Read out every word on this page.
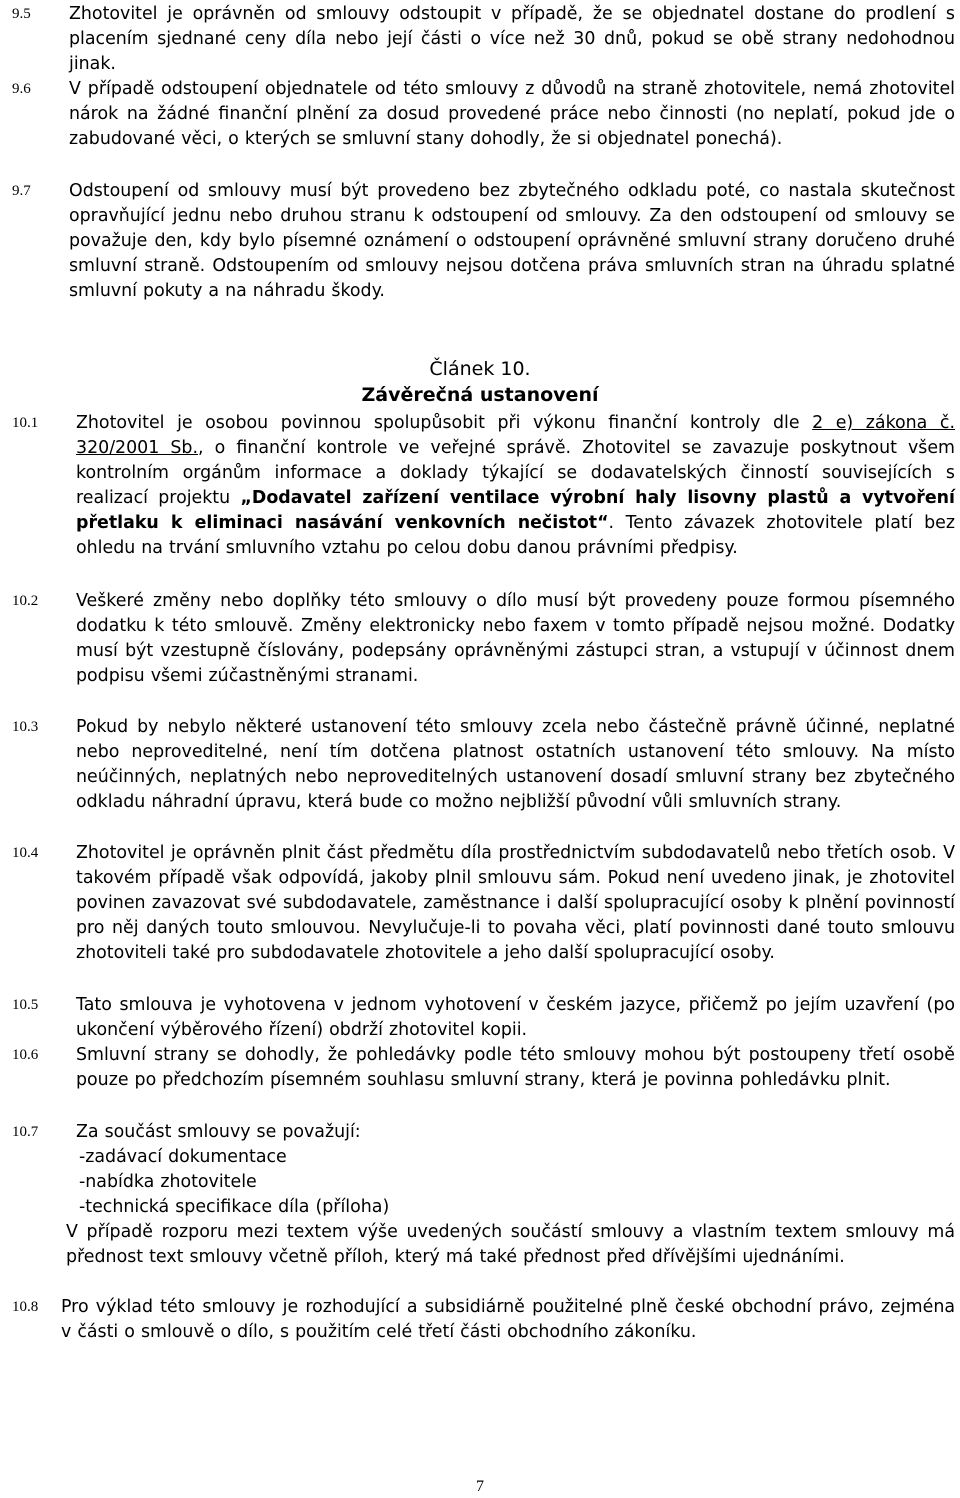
9.5 Zhotovitel je oprávněn od smlouvy odstoupit v případě, že se objednatel dostane do prodlení s placením sjednané ceny díla nebo její části o více než 30 dnů, pokud se obě strany nedohodnou jinak.
9.6 V případě odstoupení objednatele od této smlouvy z důvodů na straně zhotovitele, nemá zhotovitel nárok na žádné finanční plnění za dosud provedené práce nebo činnosti (no neplatí, pokud jde o zabudované věci, o kterých se smluvní stany dohodly, že si objednatel ponechá).
9.7 Odstoupení od smlouvy musí být provedeno bez zbytečného odkladu poté, co nastala skutečnost opravňující jednu nebo druhou stranu k odstoupení od smlouvy. Za den odstoupení od smlouvy se považuje den, kdy bylo písemné oznámení o odstoupení oprávněné smluvní strany doručeno druhé smluvní straně. Odstoupením od smlouvy nejsou dotčena práva smluvních stran na úhradu splatné smluvní pokuty a na náhradu škody.
Článek 10.
Závěrečná ustanovení
10.1 Zhotovitel je osobou povinnou spolupůsobit při výkonu finanční kontroly dle 2 e) zákona č. 320/2001 Sb., o finanční kontrole ve veřejné správě. Zhotovitel se zavazuje poskytnout všem kontrolním orgánům informace a doklady týkající se dodavatelských činností souvisejících s realizací projektu „Dodavatel zařízení ventilace výrobní haly lisovny plastů a vytvoření přetlaku k eliminaci nasávání venkovních nečistot“. Tento závazek zhotovitele platí bez ohledu na trvání smluvního vztahu po celou dobu danou právními předpisy.
10.2 Veškeré změny nebo doplňky této smlouvy o dílo musí být provedeny pouze formou písemného dodatku k této smlouvě. Změny elektronicky nebo faxem v tomto případě nejsou možné. Dodatky musí být vzestupně číslovány, podepsány oprávněnými zástupci stran, a vstupují v účinnost dnem podpisu všemi zúčastněnými stranami.
10.3 Pokud by nebylo některé ustanovení této smlouvy zcela nebo částečně právně účinné, neplatné nebo neproveditelné, není tím dotčena platnost ostatních ustanovení této smlouvy. Na místo neúčinných, neplatných nebo neproveditelných ustanovení dosadí smluvní strany bez zbytečného odkladu náhradní úpravu, která bude co možno nejbližší původní vůli smluvních strany.
10.4 Zhotovitel je oprávněn plnit část předmětu díla prostřednictvím subdodavatelů nebo třetích osob. V takovém případě však odpovídá, jakoby plnil smlouvu sám. Pokud není uvedeno jinak, je zhotovitel povinen zavazovat své subdodavatele, zaměstnance i další spolupracující osoby k plnění povinností pro něj daných touto smlouvou. Nevylučuje-li to povaha věci, platí povinnosti dané touto smlouvu zhotoviteli také pro subdodavatele zhotovitele a jeho další spolupracující osoby.
10.5 Tato smlouva je vyhotovena v jednom vyhotovení v českém jazyce, přičemž po jejím uzavření (po ukončení výběrového řízení) obdrží zhotovitel kopii.
10.6 Smluvní strany se dohodly, že pohledávky podle této smlouvy mohou být postoupeny třetí osobě pouze po předchozím písemném souhlasu smluvní strany, která je povinna pohledávku plnit.
10.7 Za součást smlouvy se považují:
-zadávací dokumentace
-nabídka zhotovitele
-technická specifikace díla (příloha)
V případě rozporu mezi textem výše uvedených součástí smlouvy a vlastním textem smlouvy má přednost text smlouvy včetně příloh, který má také přednost před dřívějšími ujednáními.
10.8 Pro výklad této smlouvy je rozhodující a subsidiárně použitelné plně české obchodní právo, zejména v části o smlouvě o dílo, s použitím celé třetí části obchodního zákoníku.
7
